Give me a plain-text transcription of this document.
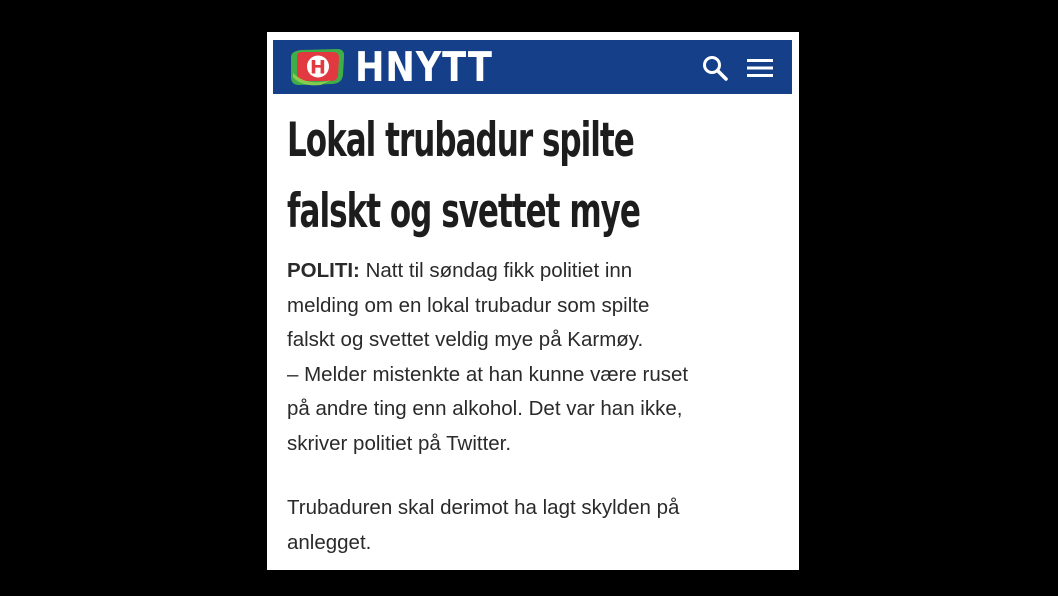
H HNYTT
Lokal trubadur spilte
falskt og svettet mye
POLITI: Natt til søndag fikk politiet inn
melding om en lokal trubadur som spilte
falskt og svettet veldig mye på Karmøy.
– Melder mistenkte at han kunne være ruset
på andre ting enn alkohol. Det var han ikke,
skriver politiet på Twitter.
Trubaduren skal derimot ha lagt skylden på
anlegget.
